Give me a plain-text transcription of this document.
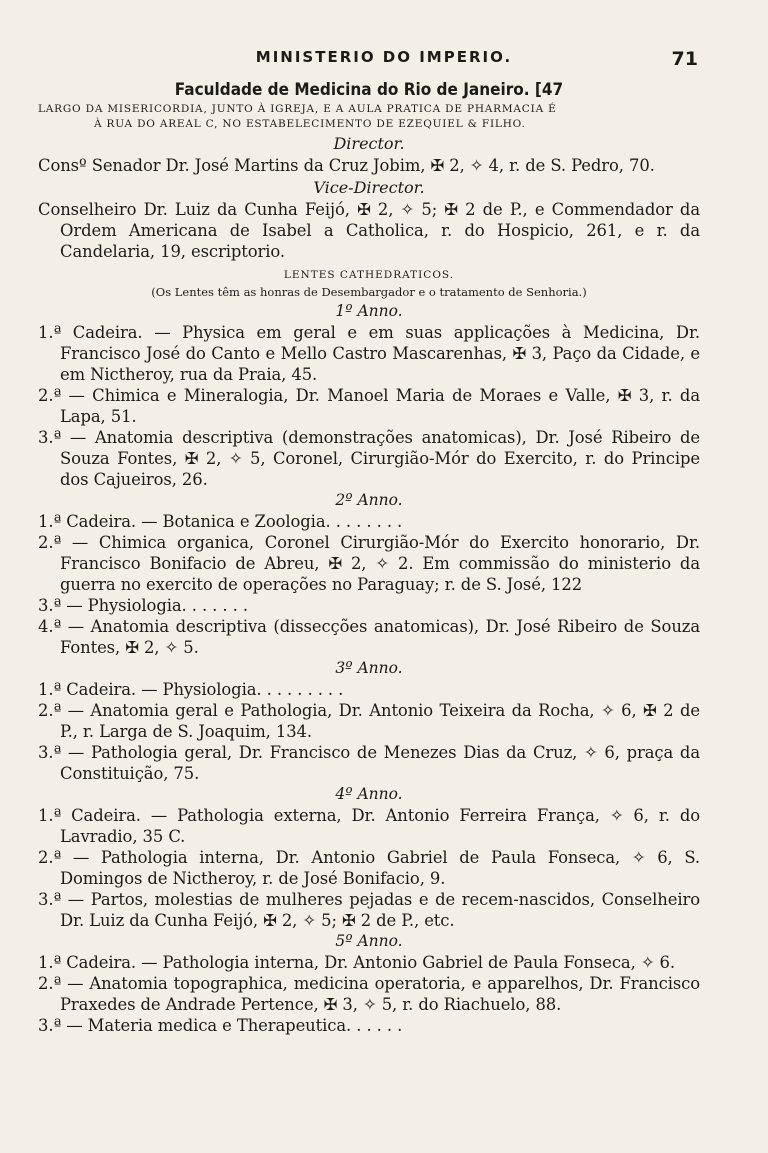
MINISTERIO DO IMPERIO.	71
Faculdade de Medicina do Rio de Janeiro. [47
LARGO DA MISERICORDIA, JUNTO À IGREJA, E A AULA PRATICA DE PHARMACIA É
À RUA DO AREAL C, NO ESTABELECIMENTO DE EZEQUIEL & FILHO.
Director.
Consº Senador Dr. José Martins da Cruz Jobim, ✠ 2, ✧ 4, r. de S. Pedro, 70.
Vice-Director.
Conselheiro Dr. Luiz da Cunha Feijó, ✠ 2, ✧ 5; ✠ 2 de P., e Commendador da Ordem Americana de Isabel a Catholica, r. do Hospicio, 261, e r. da Candelaria, 19, escriptorio.
LENTES CATHEDRATICOS.
(Os Lentes têm as honras de Desembargador e o tratamento de Senhoria.)
1º Anno.
1.ª Cadeira. — Physica em geral e em suas applicações à Medicina, Dr. Francisco José do Canto e Mello Castro Mascarenhas, ✠ 3, Paço da Cidade, e em Nictheroy, rua da Praia, 45.
2.ª — Chimica e Mineralogia, Dr. Manoel Maria de Moraes e Valle, ✠ 3, r. da Lapa, 51.
3.ª — Anatomia descriptiva (demonstrações anatomicas), Dr. José Ribeiro de Souza Fontes, ✠ 2, ✧ 5, Coronel, Cirurgião-Mór do Exercito, r. do Principe dos Cajueiros, 26.
2º Anno.
1.ª Cadeira. — Botanica e Zoologia. . . . . . . .
2.ª — Chimica organica, Coronel Cirurgião-Mór do Exercito honorario, Dr. Francisco Bonifacio de Abreu, ✠ 2, ✧ 2. Em commissão do ministerio da guerra no exercito de operações no Paraguay; r. de S. José, 122
3.ª — Physiologia. . . . . . .
4.ª — Anatomia descriptiva (dissecções anatomicas), Dr. José Ribeiro de Souza Fontes, ✠ 2, ✧ 5.
3º Anno.
1.ª Cadeira. — Physiologia. . . . . . . . .
2.ª — Anatomia geral e Pathologia, Dr. Antonio Teixeira da Rocha, ✧ 6, ✠ 2 de P., r. Larga de S. Joaquim, 134.
3.ª — Pathologia geral, Dr. Francisco de Menezes Dias da Cruz, ✧ 6, praça da Constituição, 75.
4º Anno.
1.ª Cadeira. — Pathologia externa, Dr. Antonio Ferreira França, ✧ 6, r. do Lavradio, 35 C.
2.ª — Pathologia interna, Dr. Antonio Gabriel de Paula Fonseca, ✧ 6, S. Domingos de Nictheroy, r. de José Bonifacio, 9.
3.ª — Partos, molestias de mulheres pejadas e de recem-nascidos, Conselheiro Dr. Luiz da Cunha Feijó, ✠ 2, ✧ 5; ✠ 2 de P., etc.
5º Anno.
1.ª Cadeira. — Pathologia interna, Dr. Antonio Gabriel de Paula Fonseca, ✧ 6.
2.ª — Anatomia topographica, medicina operatoria, e apparelhos, Dr. Francisco Praxedes de Andrade Pertence, ✠ 3, ✧ 5, r. do Riachuelo, 88.
3.ª — Materia medica e Therapeutica. . . . . .
